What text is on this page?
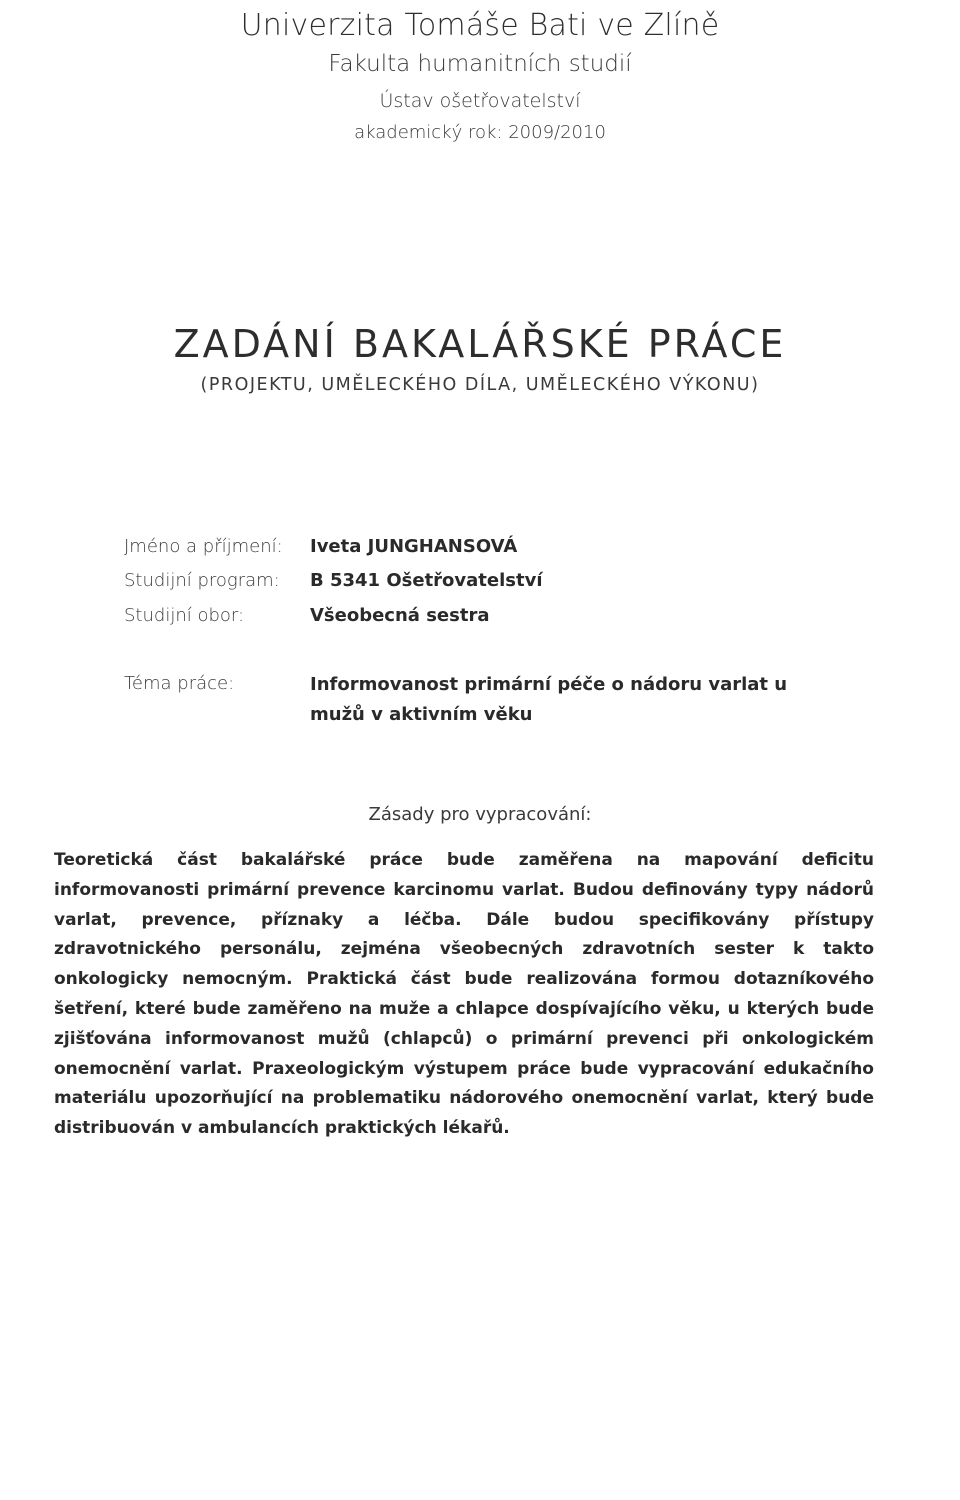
Univerzita Tomáše Bati ve Zlíně
Fakulta humanitních studií
Ústav ošetřovatelství
akademický rok: 2009/2010
ZADÁNÍ BAKALÁŘSKÉ PRÁCE
(PROJEKTU, UMĚLECKÉHO DÍLA, UMĚLECKÉHO VÝKONU)
Jméno a příjmení:	Iveta JUNGHANSOVÁ
Studijní program:	B 5341 Ošetřovatelství
Studijní obor:	Všeobecná sestra
Téma práce:	Informovanost primární péče o nádoru varlat u mužů v aktivním věku
Zásady pro vypracování:
Teoretická část bakalářské práce bude zaměřena na mapování deficitu informovanosti primární prevence karcinomu varlat. Budou definovány typy nádorů varlat, prevence, příznaky a léčba. Dále budou specifikovány přístupy zdravotnického personálu, zejména všeobecných zdravotních sester k takto onkologicky nemocným. Praktická část bude realizována formou dotazníkového šetření, které bude zaměřeno na muže a chlapce dospívajícího věku, u kterých bude zjišťována informovanost mužů (chlapců) o primární prevenci při onkologickém onemocnění varlat. Praxeologickým výstupem práce bude vypracování edukačního materiálu upozorňující na problematiku nádorového onemocnění varlat, který bude distribuován v ambulancích praktických lékařů.
